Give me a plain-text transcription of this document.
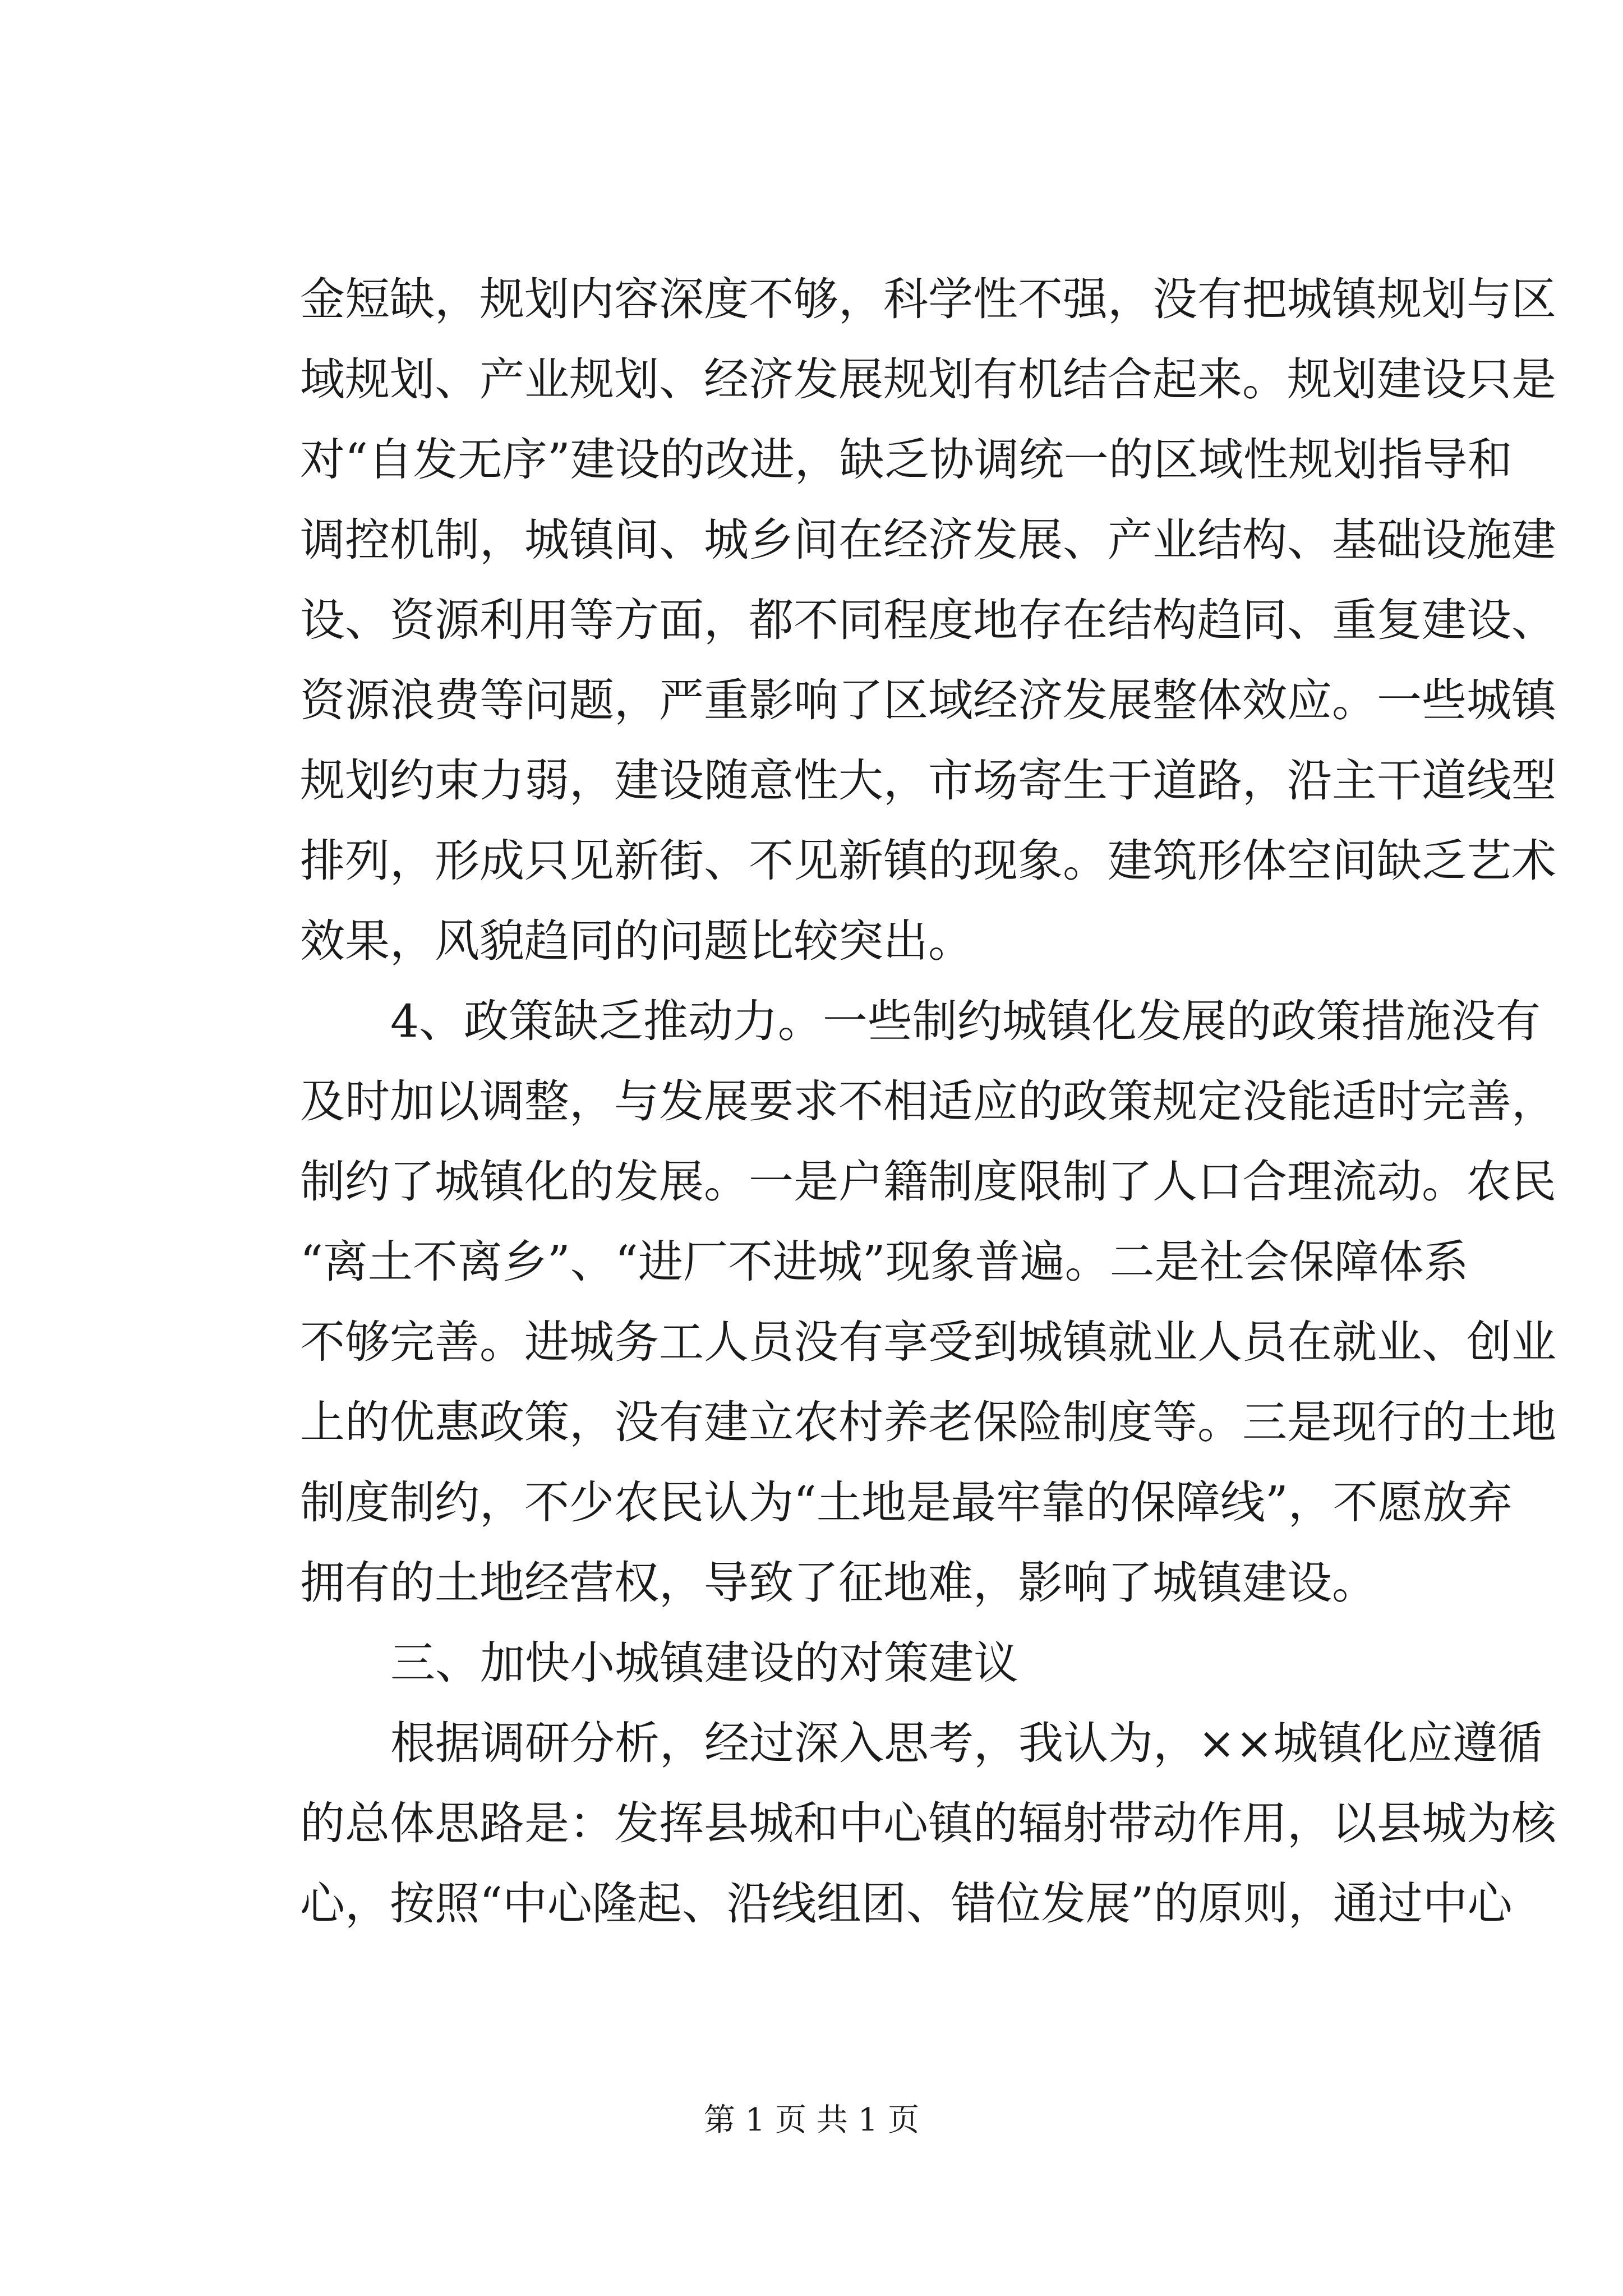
金短缺，规划内容深度不够，科学性不强，没有把城镇规划与区
域规划、产业规划、经济发展规划有机结合起来。规划建设只是
对“自发无序”建设的改进，缺乏协调统一的区域性规划指导和
调控机制，城镇间、城乡间在经济发展、产业结构、基础设施建
设、资源利用等方面，都不同程度地存在结构趋同、重复建设、
资源浪费等问题，严重影响了区域经济发展整体效应。一些城镇
规划约束力弱，建设随意性大，市场寄生于道路，沿主干道线型
排列，形成只见新街、不见新镇的现象。建筑形体空间缺乏艺术
效果，风貌趋同的问题比较突出。
4、政策缺乏推动力。一些制约城镇化发展的政策措施没有
及时加以调整，与发展要求不相适应的政策规定没能适时完善，
制约了城镇化的发展。一是户籍制度限制了人口合理流动。农民
“离土不离乡”、“进厂不进城”现象普遍。二是社会保障体系
不够完善。进城务工人员没有享受到城镇就业人员在就业、创业
上的优惠政策，没有建立农村养老保险制度等。三是现行的土地
制度制约，不少农民认为“土地是最牢靠的保障线”，不愿放弃
拥有的土地经营权，导致了征地难，影响了城镇建设。
三、加快小城镇建设的对策建议
根据调研分析，经过深入思考，我认为，××城镇化应遵循
的总体思路是：发挥县城和中心镇的辐射带动作用，以县城为核
心，按照“中心隆起、沿线组团、错位发展”的原则，通过中心
第 1 页 共 1 页
